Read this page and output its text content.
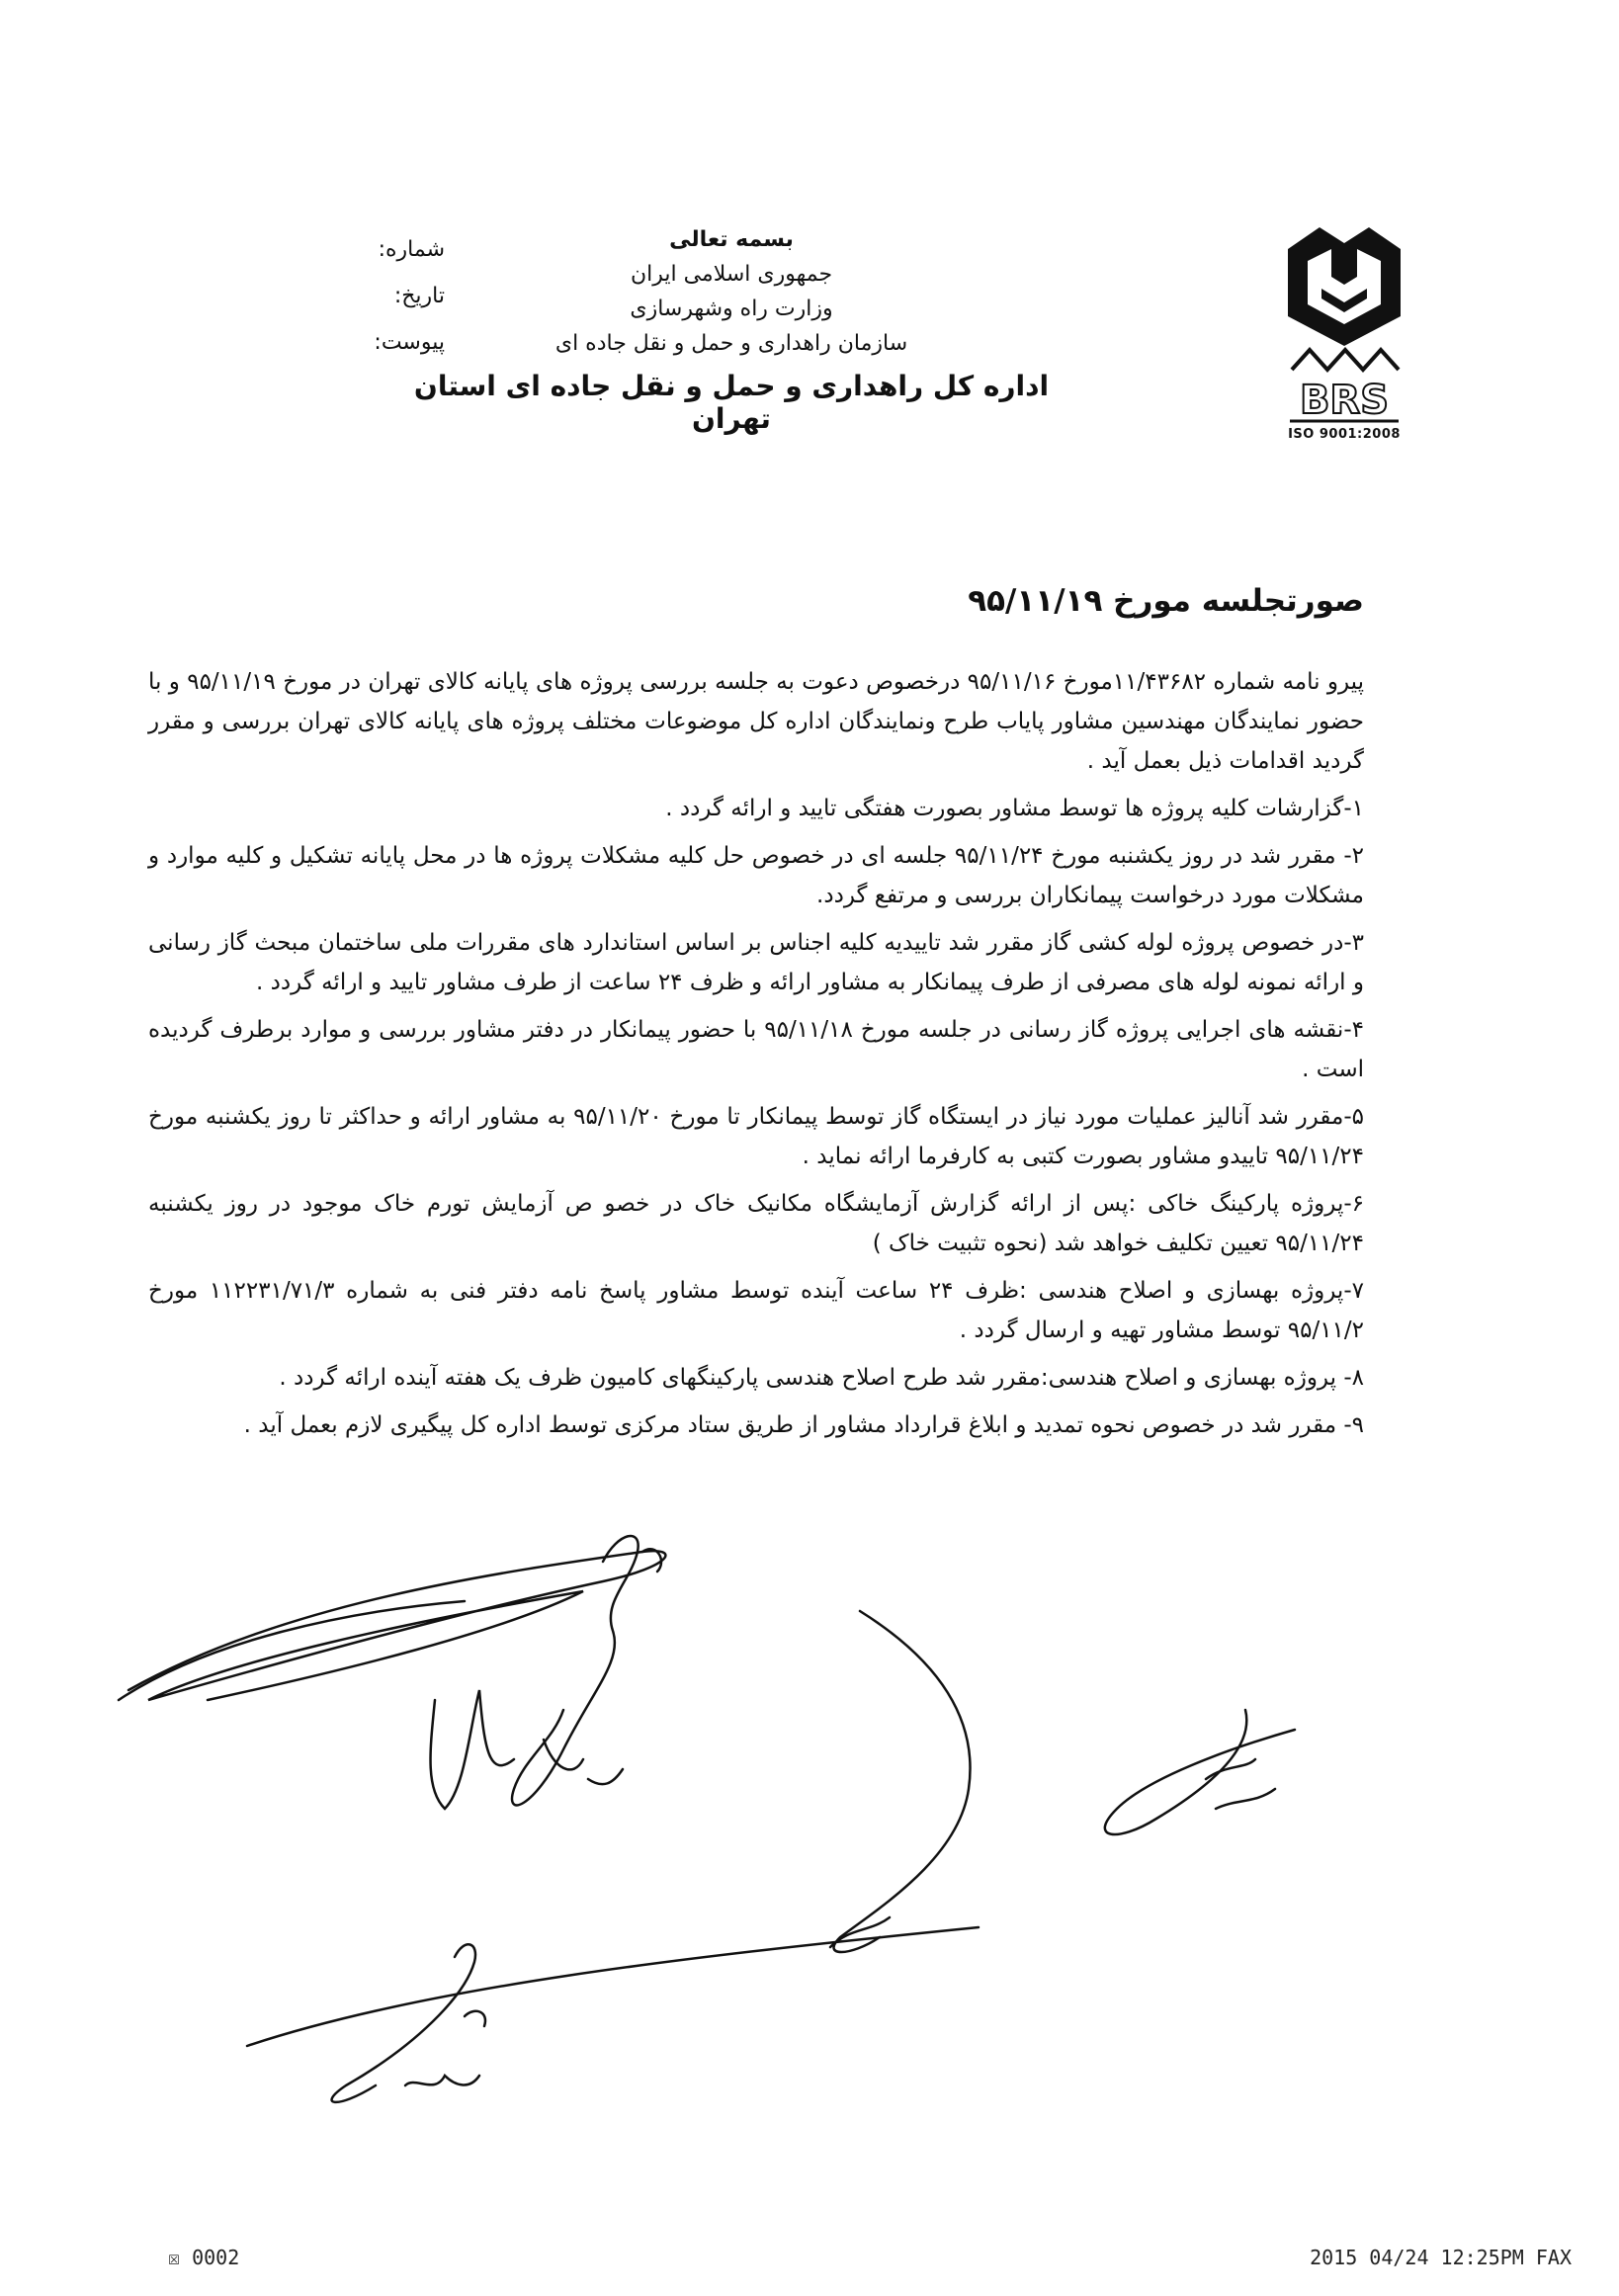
BRS
ISO 9001:2008
بسمه تعالی
جمهوری اسلامی ایران
وزارت راه وشهرسازی
سازمان راهداری و حمل و نقل جاده ای
اداره کل راهداری و حمل و نقل جاده ای استان تهران
شماره:
تاریخ:
پیوست:
صورتجلسه مورخ ۹۵/۱۱/۱۹

پیرو نامه شماره ۱۱/۴۳۶۸۲مورخ ۹۵/۱۱/۱۶ درخصوص دعوت به جلسه بررسی پروژه های پایانه کالای تهران در مورخ ۹۵/۱۱/۱۹ و با حضور نمایندگان مهندسین مشاور پایاب طرح ونمایندگان اداره کل موضوعات مختلف پروژه های پایانه کالای تهران بررسی و مقرر گردید اقدامات ذیل بعمل آید .

۱-گزارشات کلیه پروژه ها توسط مشاور بصورت هفتگی تایید و ارائه گردد .

۲- مقرر شد در روز یکشنبه مورخ ۹۵/۱۱/۲۴ جلسه ای در خصوص حل کلیه مشکلات پروژه ها در محل پایانه تشکیل و کلیه موارد و مشکلات مورد درخواست پیمانکاران بررسی و مرتفع گردد.

۳-در خصوص پروژه لوله کشی گاز مقرر شد تاییدیه کلیه اجناس بر اساس استاندارد های مقررات ملی ساختمان مبحث گاز رسانی و ارائه نمونه لوله های مصرفی از طرف پیمانکار به مشاور ارائه و ظرف ۲۴ ساعت از طرف مشاور تایید و ارائه گردد .

۴-نقشه های اجرایی پروژه گاز رسانی در جلسه مورخ ۹۵/۱۱/۱۸ با حضور پیمانکار در دفتر مشاور بررسی و موارد برطرف گردیده است .

۵-مقرر شد آنالیز عملیات مورد نیاز در ایستگاه گاز توسط پیمانکار تا مورخ ۹۵/۱۱/۲۰ به مشاور ارائه و حداکثر تا روز یکشنبه مورخ ۹۵/۱۱/۲۴ تاییدو مشاور بصورت کتبی به کارفرما ارائه نماید .

۶-پروژه پارکینگ خاکی :پس از ارائه گزارش آزمایشگاه مکانیک خاک در خصو ص آزمایش تورم خاک موجود در روز یکشنبه ۹۵/۱۱/۲۴ تعیین تکلیف خواهد شد (نحوه تثبیت خاک )

۷-پروژه بهسازی و اصلاح هندسی :ظرف ۲۴ ساعت آینده توسط مشاور پاسخ نامه دفتر فنی به شماره ۱۱۲۲۳۱/۷۱/۳ مورخ ۹۵/۱۱/۲ توسط مشاور تهیه و ارسال گردد .

۸- پروژه بهسازی و اصلاح هندسی:مقرر شد طرح اصلاح هندسی پارکینگهای کامیون ظرف یک هفته آینده ارائه گردد .

۹- مقرر شد در خصوص نحوه تمدید و ابلاغ قرارداد مشاور از طریق ستاد مرکزی توسط اداره کل پیگیری لازم بعمل آید .

☒ 0002	2015 04/24 12:25PM FAX
